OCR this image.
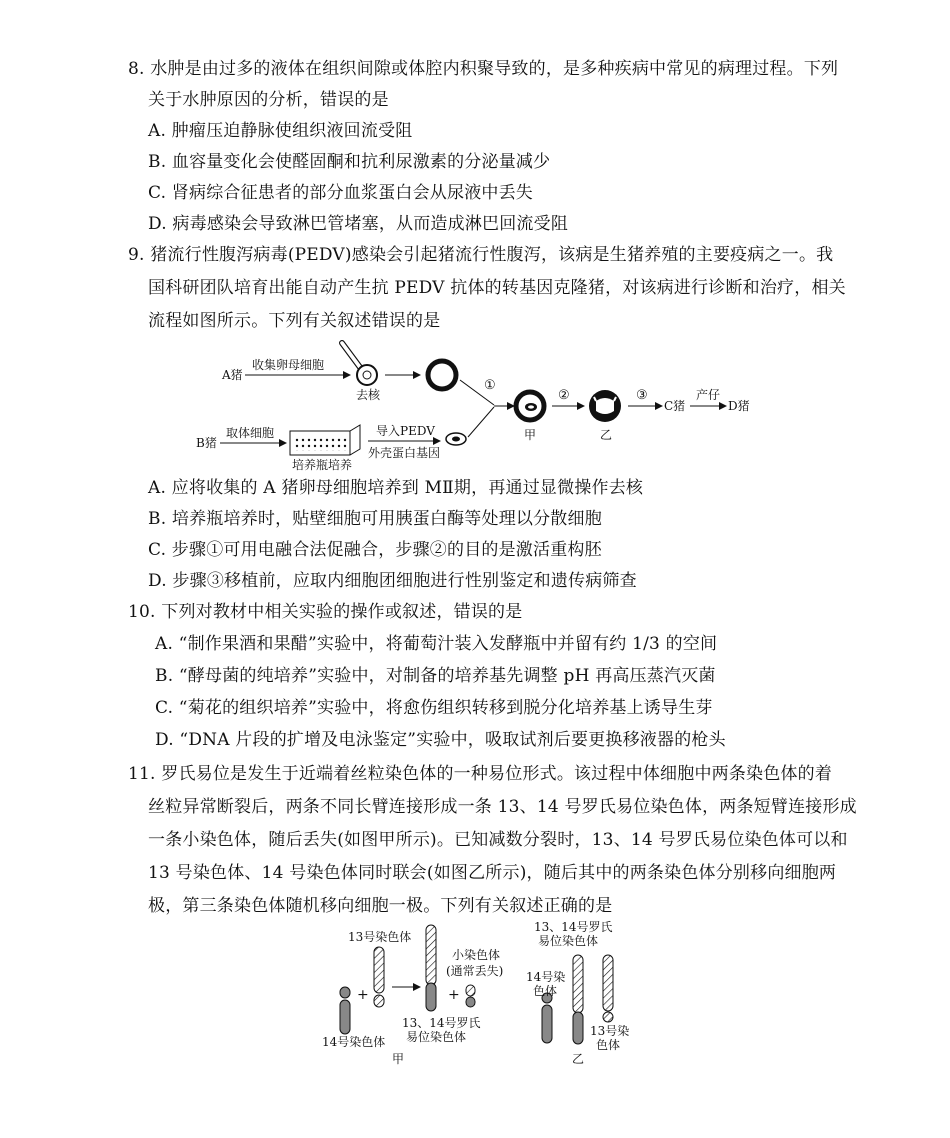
8. 水肿是由过多的液体在组织间隙或体腔内积聚导致的，是多种疾病中常见的病理过程。下列
关于水肿原因的分析，错误的是
A. 肿瘤压迫静脉使组织液回流受阻
B. 血容量变化会使醛固酮和抗利尿激素的分泌量减少
C. 肾病综合征患者的部分血浆蛋白会从尿液中丢失
D. 病毒感染会导致淋巴管堵塞，从而造成淋巴回流受阻
9. 猪流行性腹泻病毒(PEDV)感染会引起猪流行性腹泻，该病是生猪养殖的主要疫病之一。我
国科研团队培育出能自动产生抗 PEDV 抗体的转基因克隆猪，对该病进行诊断和治疗，相关
流程如图所示。下列有关叙述错误的是
A猪
收集卵母细胞
去核
①
甲
②
乙
③
C猪
产仔
D猪
B猪
取体细胞
培养瓶培养
导入PEDV
外壳蛋白基因
A. 应将收集的 A 猪卵母细胞培养到 MⅡ期，再通过显微操作去核
B. 培养瓶培养时，贴壁细胞可用胰蛋白酶等处理以分散细胞
C. 步骤①可用电融合法促融合，步骤②的目的是激活重构胚
D. 步骤③移植前，应取内细胞团细胞进行性别鉴定和遗传病筛查
10. 下列对教材中相关实验的操作或叙述，错误的是
A. “制作果酒和果醋”实验中，将葡萄汁装入发酵瓶中并留有约 1/3 的空间
B. “酵母菌的纯培养”实验中，对制备的培养基先调整 pH 再高压蒸汽灭菌
C. “菊花的组织培养”实验中，将愈伤组织转移到脱分化培养基上诱导生芽
D. “DNA 片段的扩增及电泳鉴定”实验中，吸取试剂后要更换移液器的枪头
11. 罗氏易位是发生于近端着丝粒染色体的一种易位形式。该过程中体细胞中两条染色体的着
丝粒异常断裂后，两条不同长臂连接形成一条 13、14 号罗氏易位染色体，两条短臂连接形成
一条小染色体，随后丢失(如图甲所示)。已知减数分裂时，13、14 号罗氏易位染色体可以和
13 号染色体、14 号染色体同时联会(如图乙所示)，随后其中的两条染色体分别移向细胞两
极，第三条染色体随机移向细胞一极。下列有关叙述正确的是
13号染色体
+
14号染色体
13、14号罗氏
易位染色体
+
小染色体
(通常丢失)
甲
13、14号罗氏
易位染色体
14号染
色体
13号染
色体
乙
